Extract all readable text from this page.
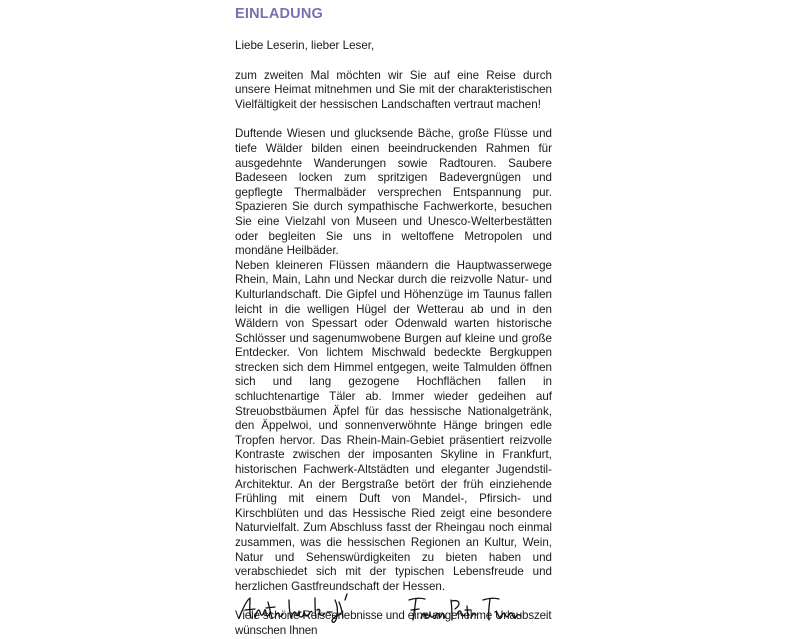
EINLADUNG

Liebe Leserin, lieber Leser,

zum zweiten Mal möchten wir Sie auf eine Reise durch unsere Heimat mitnehmen und Sie mit der charakteristischen Vielfältigkeit der hessischen Landschaften vertraut machen!

Duftende Wiesen und glucksende Bäche, große Flüsse und tiefe Wälder bilden einen beeindruckenden Rahmen für ausgedehnte Wanderungen sowie Radtouren. Saubere Badeseen locken zum spritzigen Badevergnügen und gepflegte Thermalbäder versprechen Entspannung pur. Spazieren Sie durch sympathische Fachwerkorte, besuchen Sie eine Vielzahl von Museen und Unesco-Welterbestätten oder begleiten Sie uns in weltoffene Metropolen und mondäne Heilbäder.

Neben kleineren Flüssen mäandern die Hauptwasserwege Rhein, Main, Lahn und Neckar durch die reizvolle Natur- und Kulturlandschaft. Die Gipfel und Höhenzüge im Taunus fallen leicht in die welligen Hügel der Wetterau ab und in den Wäldern von Spessart oder Odenwald warten historische Schlösser und sagenumwobene Burgen auf kleine und große Entdecker. Von lichtem Mischwald bedeckte Bergkuppen strecken sich dem Himmel entgegen, weite Talmulden öffnen sich und lang gezogene Hochflächen fallen in schluchtenartige Täler ab. Immer wieder gedeihen auf Streuobstbäumen Äpfel für das hessische Nationalgetränk, den Äppelwoi, und sonnenverwöhnte Hänge bringen edle Tropfen hervor. Das Rhein-Main-Gebiet präsentiert reizvolle Kontraste zwischen der imposanten Skyline in Frankfurt, historischen Fachwerk-Altstädten und eleganter Jugendstil-Architektur. An der Bergstraße betört der früh einziehende Frühling mit einem Duft von Mandel-, Pfirsich- und Kirschblüten und das Hessische Ried zeigt eine besondere Naturvielfalt. Zum Abschluss fasst der Rheingau noch einmal zusammen, was die hessischen Regionen an Kultur, Wein, Natur und Sehenswürdigkeiten zu bieten haben und verabschiedet sich mit der typischen Lebensfreude und herzlichen Gastfreundschaft der Hessen.

Viele schöne Reiseerlebnisse und eine angenehme Urlaubszeit wünschen Ihnen
